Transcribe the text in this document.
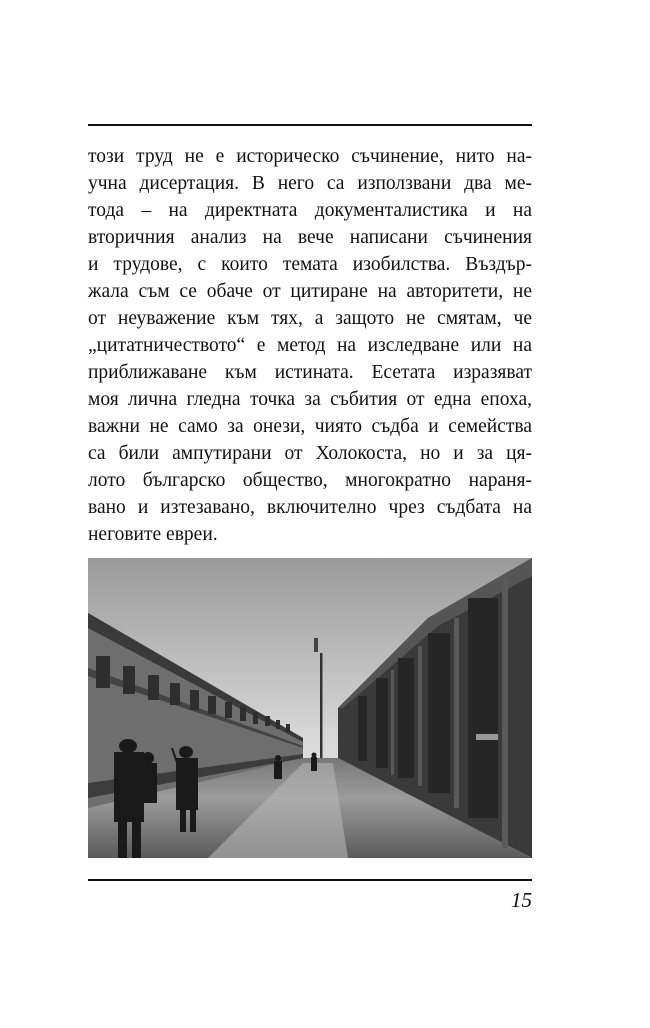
този труд не е историческо съчинение, нито на-
учна дисертация. В него са използвани два ме-
тода – на директната документалистика и на
вторичния анализ на вече написани съчинения
и трудове, с които темата изобилства. Въздър-
жала съм се обаче от цитиране на авторитети, не
от неуважение към тях, а защото не смятам, че
„цитатничеството“ е метод на изследване или на
приближаване към истината. Есетата изразяват
моя лична гледна точка за събития от една епоха,
важни не само за онези, чиято съдба и семейства
са били ампутирани от Холокоста, но и за ця-
лото българско общество, многократно нараня-
вано и изтезавано, включително чрез съдбата на
неговите евреи.
15
